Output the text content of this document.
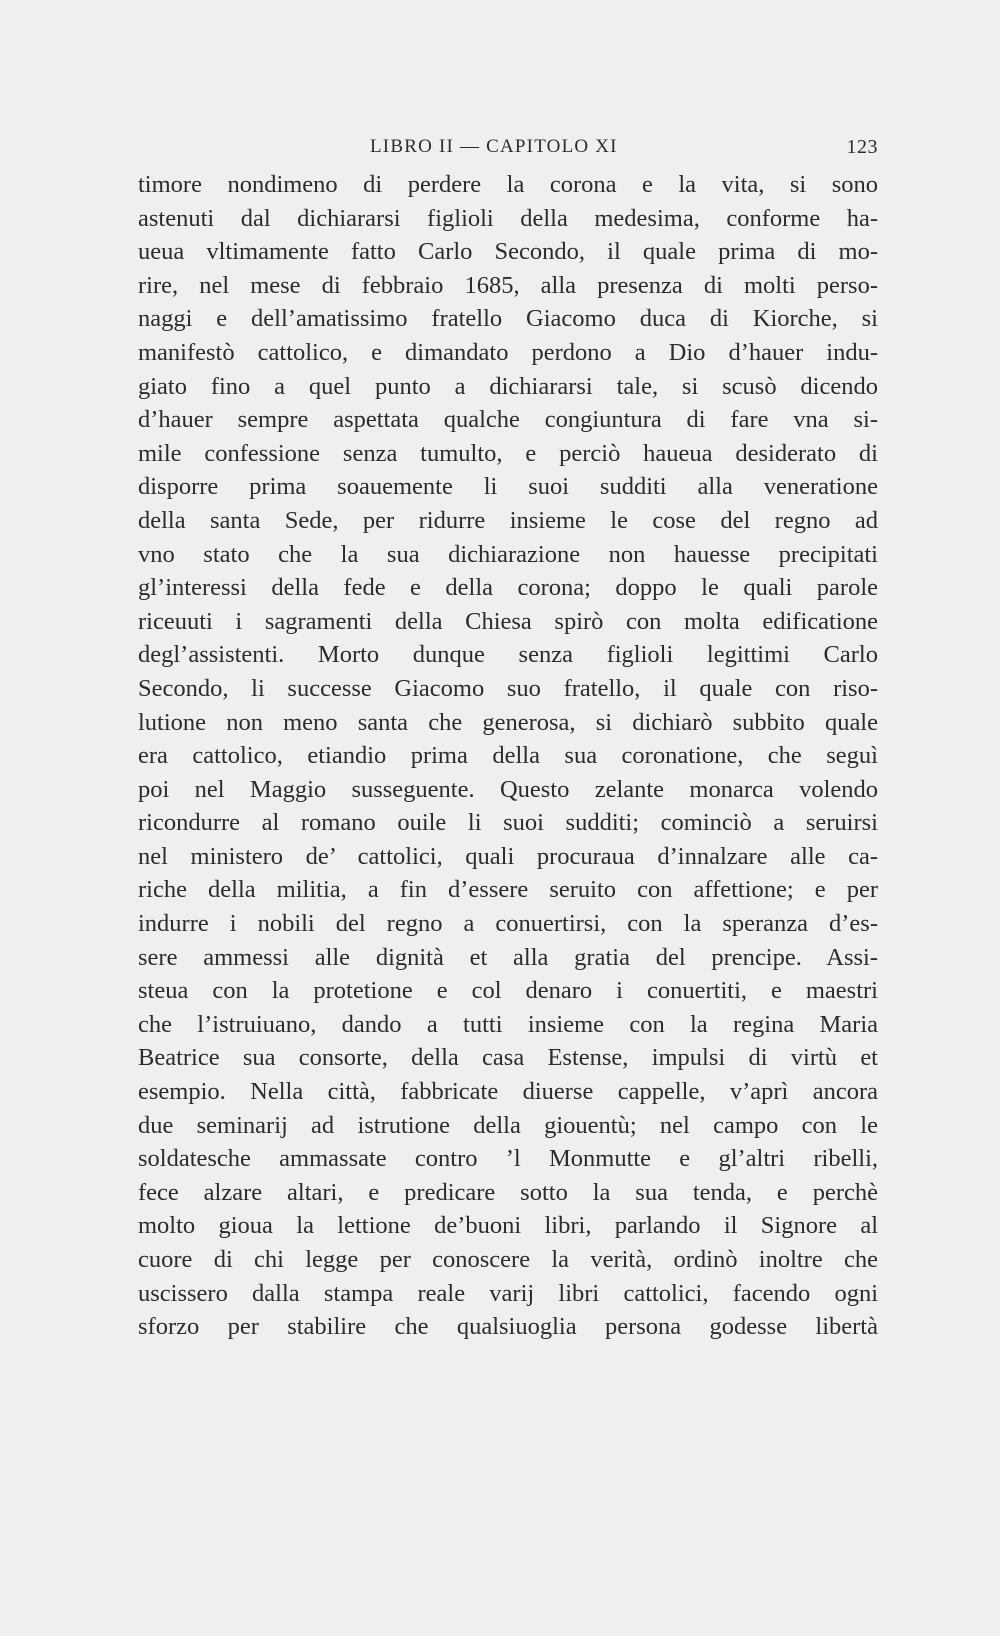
LIBRO II — CAPITOLO XI	123
timore nondimeno di perdere la corona e la vita, si sono
astenuti dal dichiararsi figlioli della medesima, conforme ha-
ueua vltimamente fatto Carlo Secondo, il quale prima di mo-
rire, nel mese di febbraio 1685, alla presenza di molti perso-
naggi e dell’amatissimo fratello Giacomo duca di Kiorche, si
manifestò cattolico, e dimandato perdono a Dio d’hauer indu-
giato fino a quel punto a dichiararsi tale, si scusò dicendo
d’hauer sempre aspettata qualche congiuntura di fare vna si-
mile confessione senza tumulto, e perciò haueua desiderato di
disporre prima soauemente li suoi sudditi alla veneratione
della santa Sede, per ridurre insieme le cose del regno ad
vno stato che la sua dichiarazione non hauesse precipitati
gl’interessi della fede e della corona; doppo le quali parole
riceuuti i sagramenti della Chiesa spirò con molta edificatione
degl’assistenti. Morto dunque senza figlioli legittimi Carlo
Secondo, li successe Giacomo suo fratello, il quale con riso-
lutione non meno santa che generosa, si dichiarò subbito quale
era cattolico, etiandio prima della sua coronatione, che seguì
poi nel Maggio susseguente. Questo zelante monarca volendo
ricondurre al romano ouile li suoi sudditi; cominciò a seruirsi
nel ministero de’ cattolici, quali procuraua d’innalzare alle ca-
riche della militia, a fin d’essere seruito con affettione; e per
indurre i nobili del regno a conuertirsi, con la speranza d’es-
sere ammessi alle dignità et alla gratia del prencipe. Assi-
steua con la protetione e col denaro i conuertiti, e maestri
che l’istruiuano, dando a tutti insieme con la regina Maria
Beatrice sua consorte, della casa Estense, impulsi di virtù et
esempio. Nella città, fabbricate diuerse cappelle, v’aprì ancora
due seminarij ad istrutione della giouentù; nel campo con le
soldatesche ammassate contro ’l Monmutte e gl’altri ribelli,
fece alzare altari, e predicare sotto la sua tenda, e perchè
molto gioua la lettione de’buoni libri, parlando il Signore al
cuore di chi legge per conoscere la verità, ordinò inoltre che
uscissero dalla stampa reale varij libri cattolici, facendo ogni
sforzo per stabilire che qualsiuoglia persona godesse libertà
